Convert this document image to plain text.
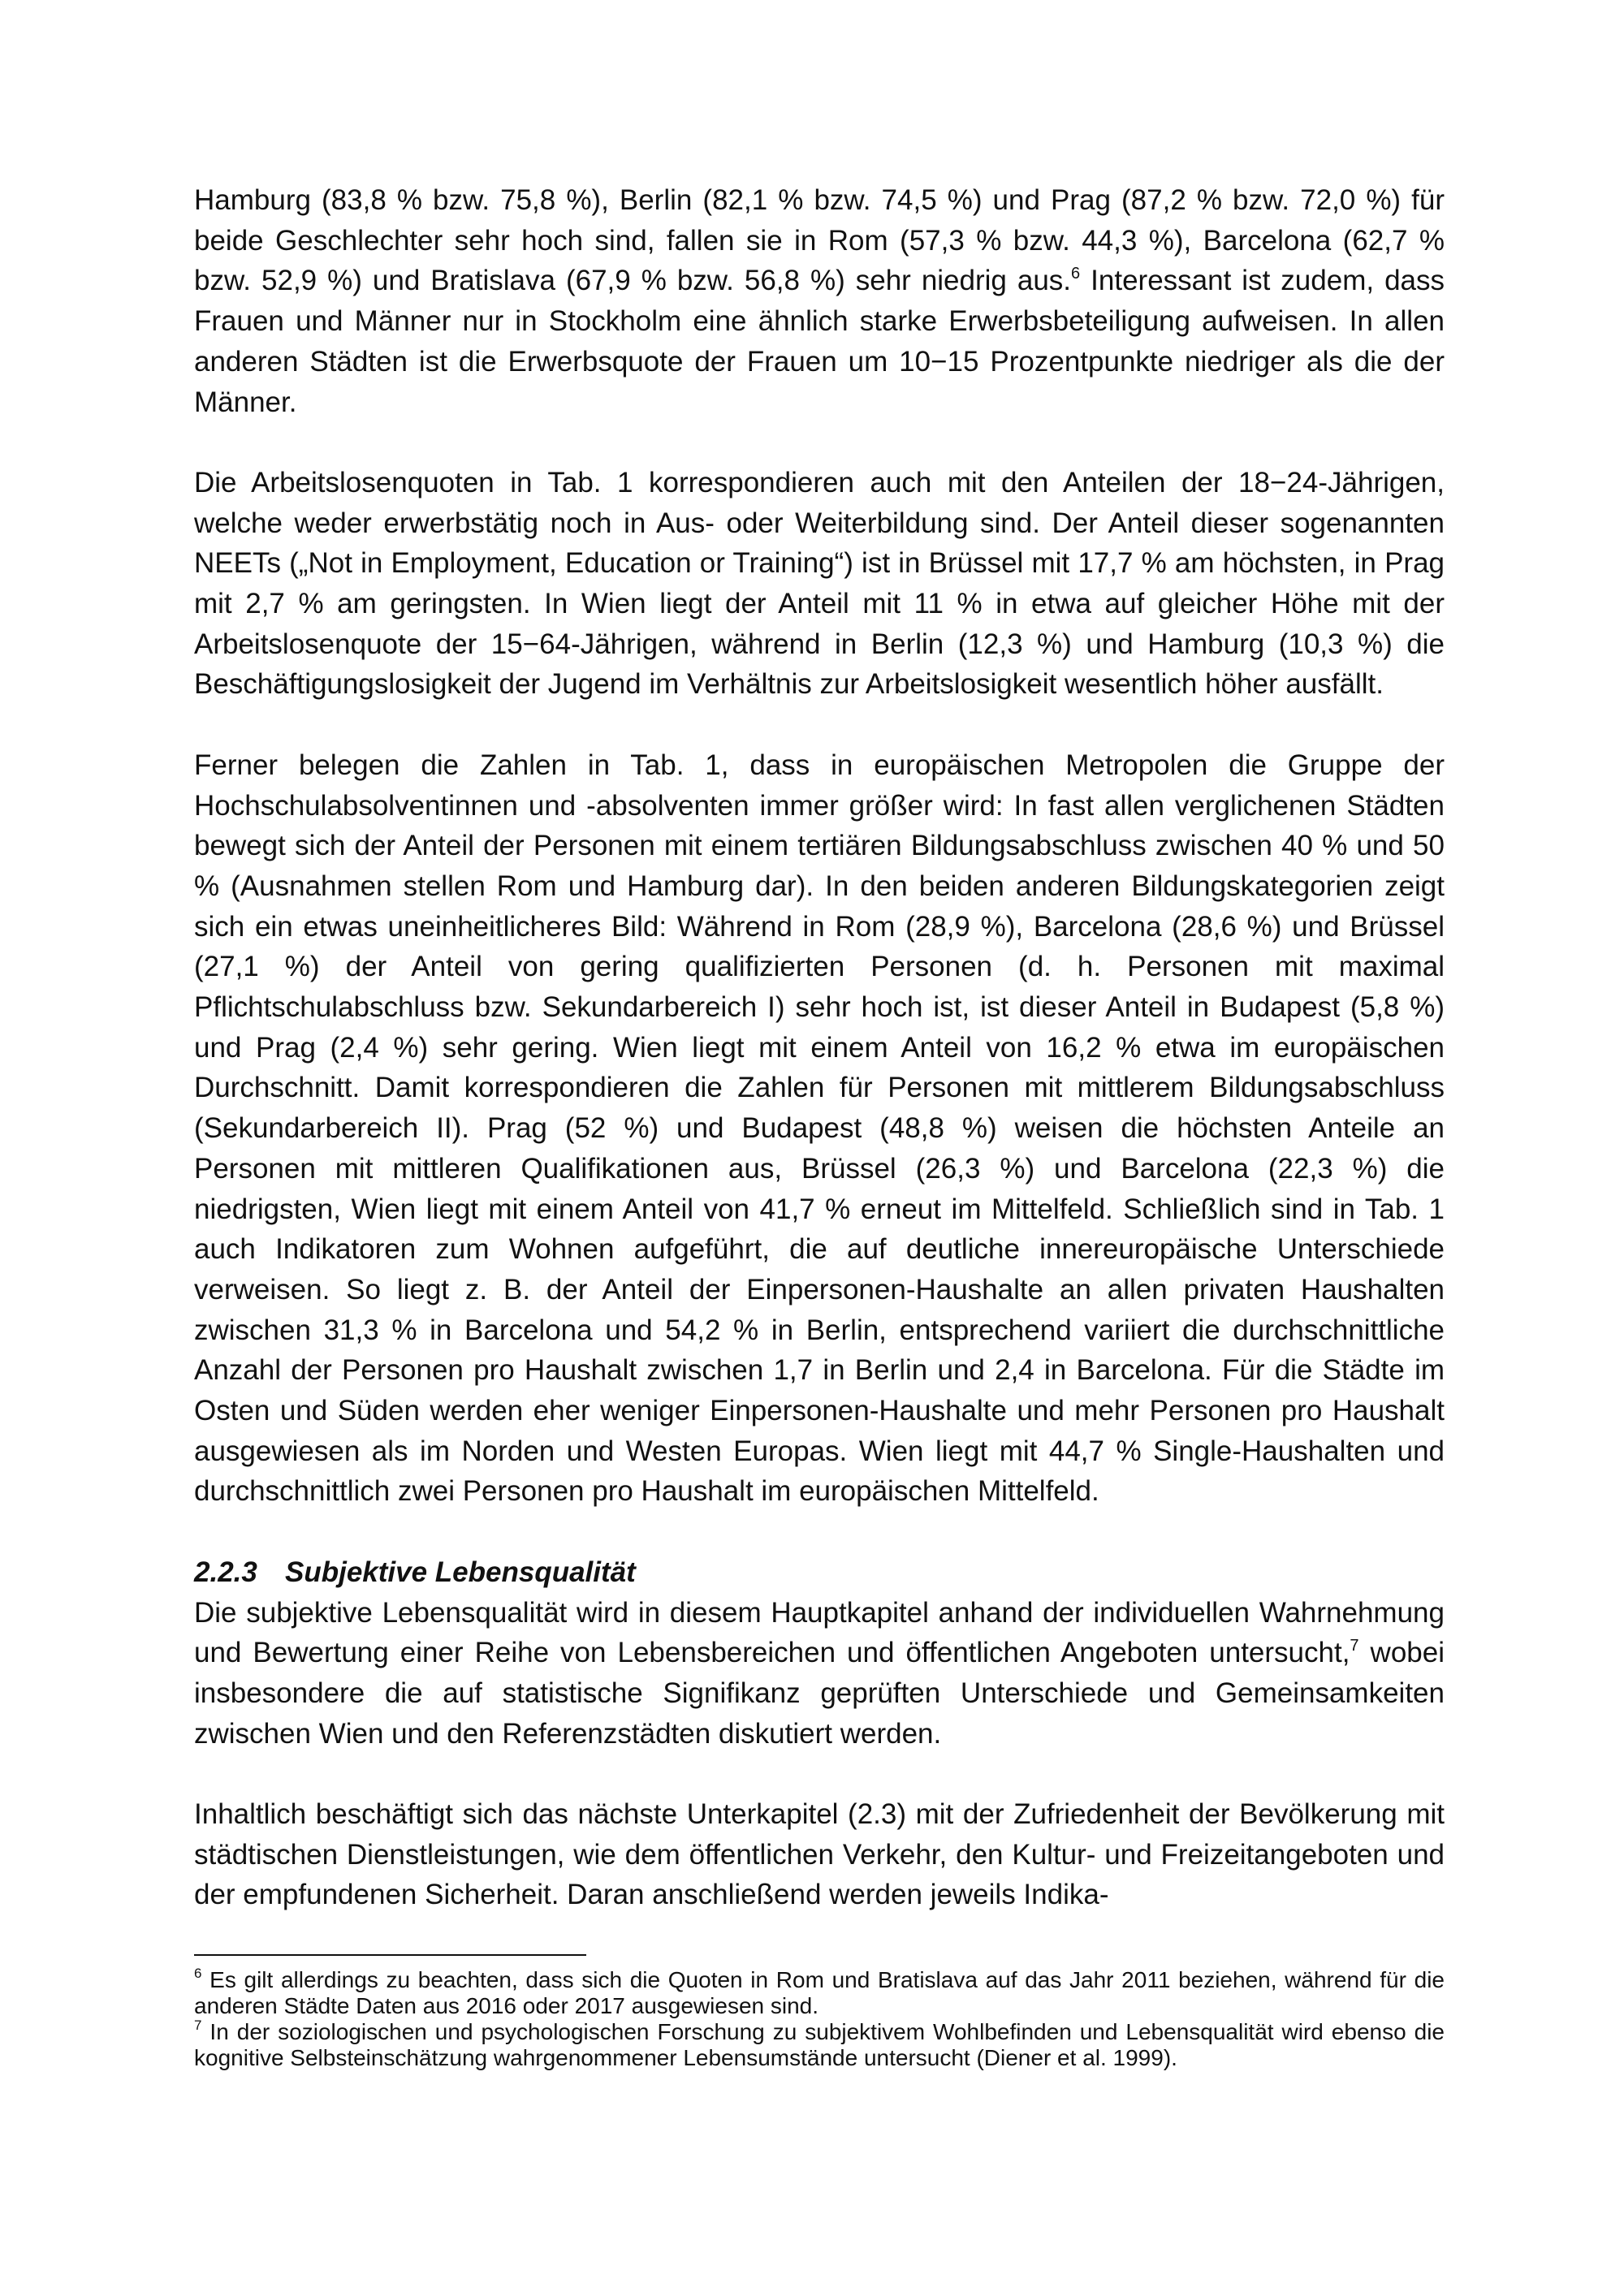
Hamburg (83,8 % bzw. 75,8 %), Berlin (82,1 % bzw. 74,5 %) und Prag (87,2 % bzw. 72,0 %) für beide Geschlechter sehr hoch sind, fallen sie in Rom (57,3 % bzw. 44,3 %), Barcelona (62,7 % bzw. 52,9 %) und Bratislava (67,9 % bzw. 56,8 %) sehr niedrig aus.$^6$ Interessant ist zudem, dass Frauen und Männer nur in Stockholm eine ähnlich starke Erwerbsbeteiligung aufweisen. In allen anderen Städten ist die Erwerbsquote der Frauen um 10−15 Prozentpunkte niedriger als die der Männer.

Die Arbeitslosenquoten in Tab. 1 korrespondieren auch mit den Anteilen der 18−24-Jährigen, welche weder erwerbstätig noch in Aus- oder Weiterbildung sind. Der Anteil dieser sogenannten NEETs („Not in Employment, Education or Training“) ist in Brüssel mit 17,7 % am höchsten, in Prag mit 2,7 % am geringsten. In Wien liegt der Anteil mit 11 % in etwa auf gleicher Höhe mit der Arbeitslosenquote der 15−64-Jährigen, während in Berlin (12,3 %) und Hamburg (10,3 %) die Beschäftigungslosigkeit der Jugend im Verhältnis zur Arbeitslosigkeit wesentlich höher ausfällt.

Ferner belegen die Zahlen in Tab. 1, dass in europäischen Metropolen die Gruppe der Hochschulabsolventinnen und -absolventen immer größer wird: In fast allen verglichenen Städten bewegt sich der Anteil der Personen mit einem tertiären Bildungsabschluss zwischen 40 % und 50 % (Ausnahmen stellen Rom und Hamburg dar). In den beiden anderen Bildungskategorien zeigt sich ein etwas uneinheitlicheres Bild: Während in Rom (28,9 %), Barcelona (28,6 %) und Brüssel (27,1 %) der Anteil von gering qualifizierten Personen (d. h. Personen mit maximal Pflichtschulabschluss bzw. Sekundarbereich I) sehr hoch ist, ist dieser Anteil in Budapest (5,8 %) und Prag (2,4 %) sehr gering. Wien liegt mit einem Anteil von 16,2 % etwa im europäischen Durchschnitt. Damit korrespondieren die Zahlen für Personen mit mittlerem Bildungsabschluss (Sekundarbereich II). Prag (52 %) und Budapest (48,8 %) weisen die höchsten Anteile an Personen mit mittleren Qualifikationen aus, Brüssel (26,3 %) und Barcelona (22,3 %) die niedrigsten, Wien liegt mit einem Anteil von 41,7 % erneut im Mittelfeld. Schließlich sind in Tab. 1 auch Indikatoren zum Wohnen aufgeführt, die auf deutliche innereuropäische Unterschiede verweisen. So liegt z. B. der Anteil der Einpersonen-Haushalte an allen privaten Haushalten zwischen 31,3 % in Barcelona und 54,2 % in Berlin, entsprechend variiert die durchschnittliche Anzahl der Personen pro Haushalt zwischen 1,7 in Berlin und 2,4 in Barcelona. Für die Städte im Osten und Süden werden eher weniger Einpersonen-Haushalte und mehr Personen pro Haushalt ausgewiesen als im Norden und Westen Europas. Wien liegt mit 44,7 % Single-Haushalten und durchschnittlich zwei Personen pro Haushalt im europäischen Mittelfeld.

2.2.3 Subjektive Lebensqualität

Die subjektive Lebensqualität wird in diesem Hauptkapitel anhand der individuellen Wahrnehmung und Bewertung einer Reihe von Lebensbereichen und öffentlichen Angeboten untersucht,$^7$ wobei insbesondere die auf statistische Signifikanz geprüften Unterschiede und Gemeinsamkeiten zwischen Wien und den Referenzstädten diskutiert werden.

Inhaltlich beschäftigt sich das nächste Unterkapitel (2.3) mit der Zufriedenheit der Bevölkerung mit städtischen Dienstleistungen, wie dem öffentlichen Verkehr, den Kultur- und Freizeitangeboten und der empfundenen Sicherheit. Daran anschließend werden jeweils Indika-

$^6$ Es gilt allerdings zu beachten, dass sich die Quoten in Rom und Bratislava auf das Jahr 2011 beziehen, während für die anderen Städte Daten aus 2016 oder 2017 ausgewiesen sind.

$^7$ In der soziologischen und psychologischen Forschung zu subjektivem Wohlbefinden und Lebensqualität wird ebenso die kognitive Selbsteinschätzung wahrgenommener Lebensumstände untersucht (Diener et al. 1999).
